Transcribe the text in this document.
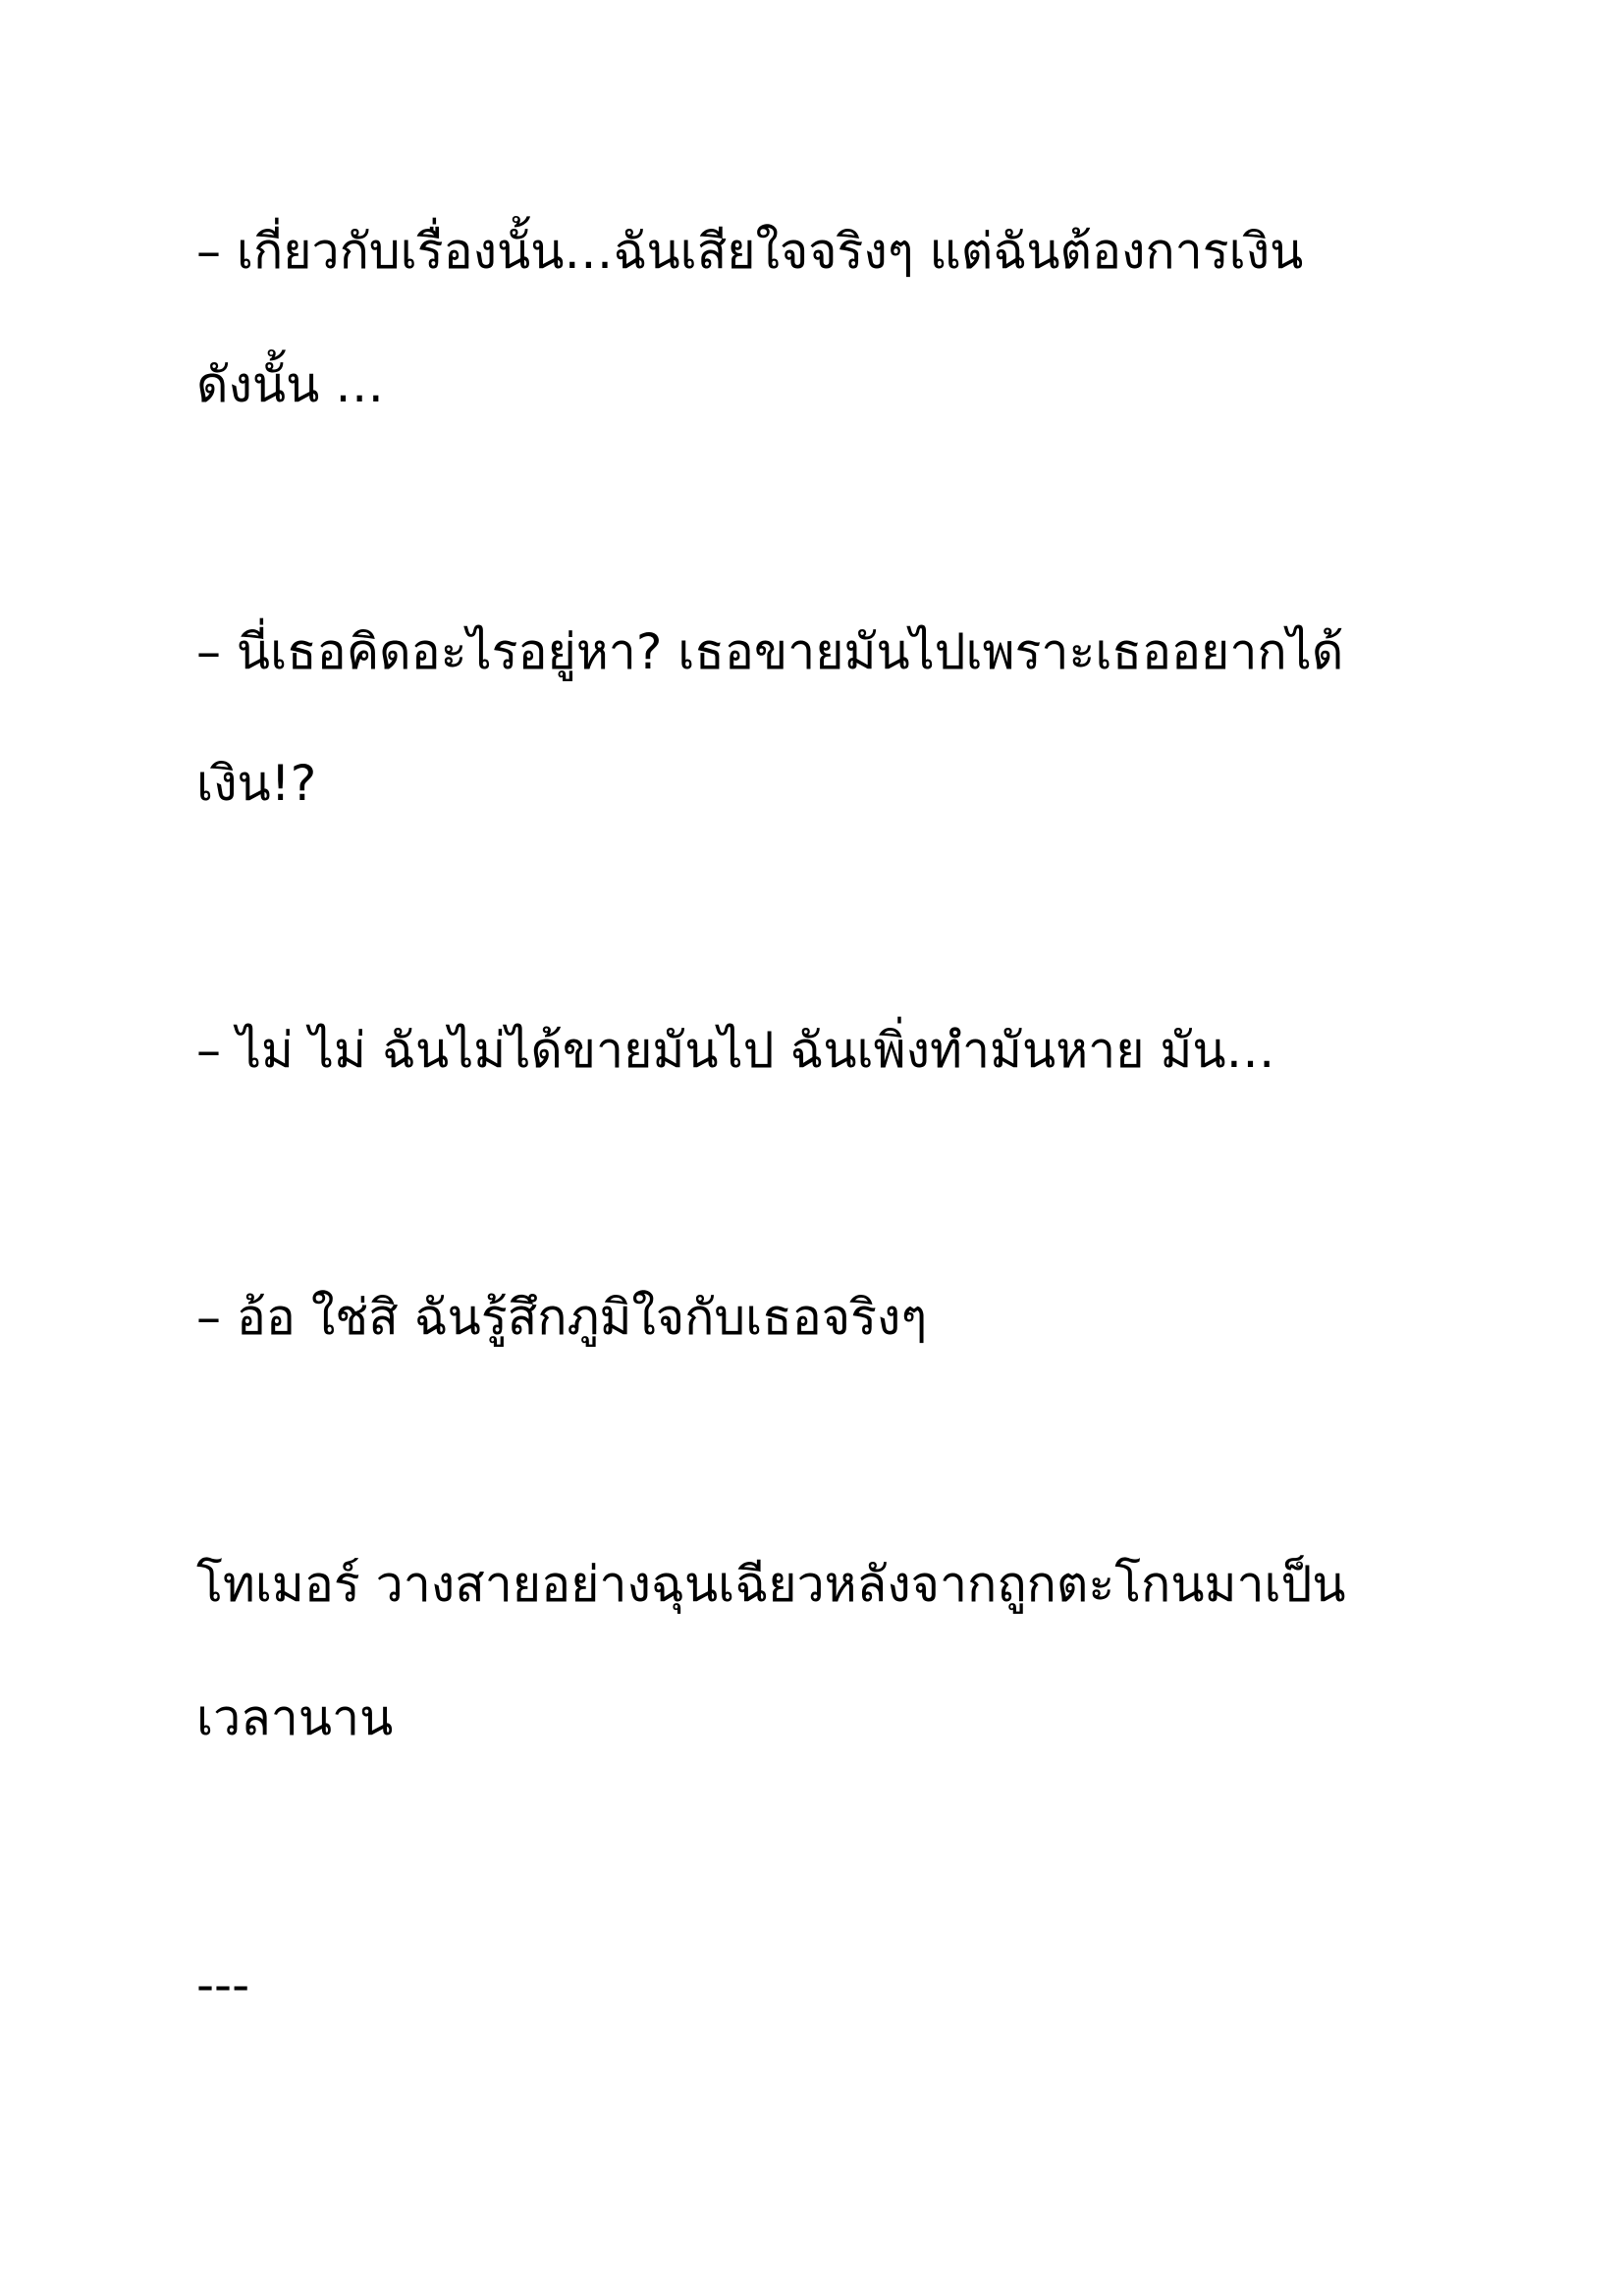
– เกี่ยวกับเรื่องนั้น…ฉันเสียใจจริงๆ แต่ฉันต้องการเงิน

ดังนั้น …

– นี่เธอคิดอะไรอยู่หา? เธอขายมันไปเพราะเธออยากได้

เงิน!?

– ไม่ ไม่ ฉันไม่ได้ขายมันไป ฉันเพิ่งทำมันหาย มัน…

– อ้อ ใช่สิ ฉันรู้สึกภูมิใจกับเธอจริงๆ

โทเมอร์ วางสายอย่างฉุนเฉียวหลังจากถูกตะโกนมาเป็น

เวลานาน

---
